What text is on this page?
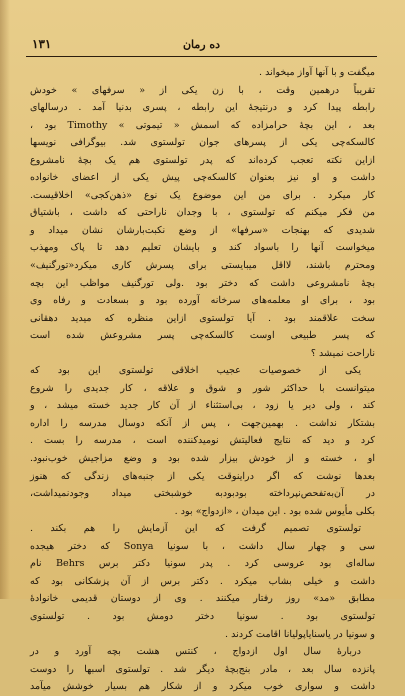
ده رمان
۱۳۱
میگفت و با آنها آواز میخواند .
تقریباً درهمین وقت ، با زن یکی از « سرفهای » خودش
رابطه پیدا کرد و درنتیجهٔ این رابطه ، پسری بدنیا آمد . درسالهای
بعد ، این بچهٔ حرامزاده که اسمش « تیموتی » Timothy بود ،
کالسکه‌چی یکی از پسرهای جوان تولستوی شد. بیوگرافی نویسها
ازاین نکته تعجب کرده‌اند که پدر تولستوی هم یک بچهٔ نامشروع
داشت و او نیز بعنوان کالسکه‌چی پیش یکی از اعضای خانواده
کار میکرد . برای من این موضوع یک نوع «ذهن‌کجی» اخلاقیست.
من فکر میکنم که تولستوی ، با وجدان ناراحتی که داشت ، باشتیاق
شدیدی که بهنجات «سرفها» از وضع نکبت‌بارشان نشان میداد و
میخواست آنها را باسواد کند و بایشان تعلیم دهد تا پاک ومهذب
ومحترم باشند، لااقل میبایستی برای پسرش کاری میکرد«تورگنیف»
بچهٔ نامشروعی داشت که دختر بود .ولی تورگنیف مواظب این بچه
بود ، برای او معلمه‌های سرخانه آورده بود و بسعادت و رفاه وی
سخت علاقمند بود . آیا تولستوی ازاین منظره که میدید دهقانی
که پسر طبیعی اوست کالسکه‌چی پسر مشروعش شده است
ناراحت نمیشد ؟
یکی از خصوصیات عجیب اخلاقی تولستوی این بود که
میتوانست با حداکثر شور و شوق و علاقه ، کار جدیدی را شروع
کند ، ولی دیر یا زود ، بی‌استثناء از آن کار جدید خسته میشد ، و
بشتکار نداشت . بهمین‌جهت ، پس از آنکه دوسال مدرسه را اداره
کرد و دید که نتایج فعالیتش نومیدکننده است ، مدرسه را بست .
او ، خسته و از خودش بیزار شده بود و وضع مزاجیش خوب‌نبود.
بعدها نوشت که اگر دراینوقت یکی از جنبه‌های زندگی که هنوز
در آن‌به‌تفحص‌نپرداخته بود‌بودبه خوشبختی میداد وجودنمیداشت،
بکلی مأیوس شده بود . این میدان ، «ازدواج» بود .
تولستوی تصمیم گرفت که این آزمایش را هم بکند .
سی و چهار سال داشت ، با سونیا Sonya که دختر هیجده
ساله‌ای بود عروسی کرد . پدر سونیا دکتر برس Behrs نام
داشت و خیلی بشاب میکرد . دکتر برس از آن پزشکانی بود که
مطابق «مد» روز رفتار میکنند . وی از دوستان قدیمی خانوادهٔ
تولستوی بود . سونیا دختر دومش بود . تولستوی
و سونیا در یاسنایاپولیانا اقامت کردند .
دربارهٔ سال اول ازدواج ، کنتس هشت بچه آورد و در
پانزده سال بعد ، مادر بنج‌بچهٔ دیگر شد . تولستوی اسبها را دوست
داشت و سواری خوب میکرد و از شکار هم بسیار خوشش میآمد
